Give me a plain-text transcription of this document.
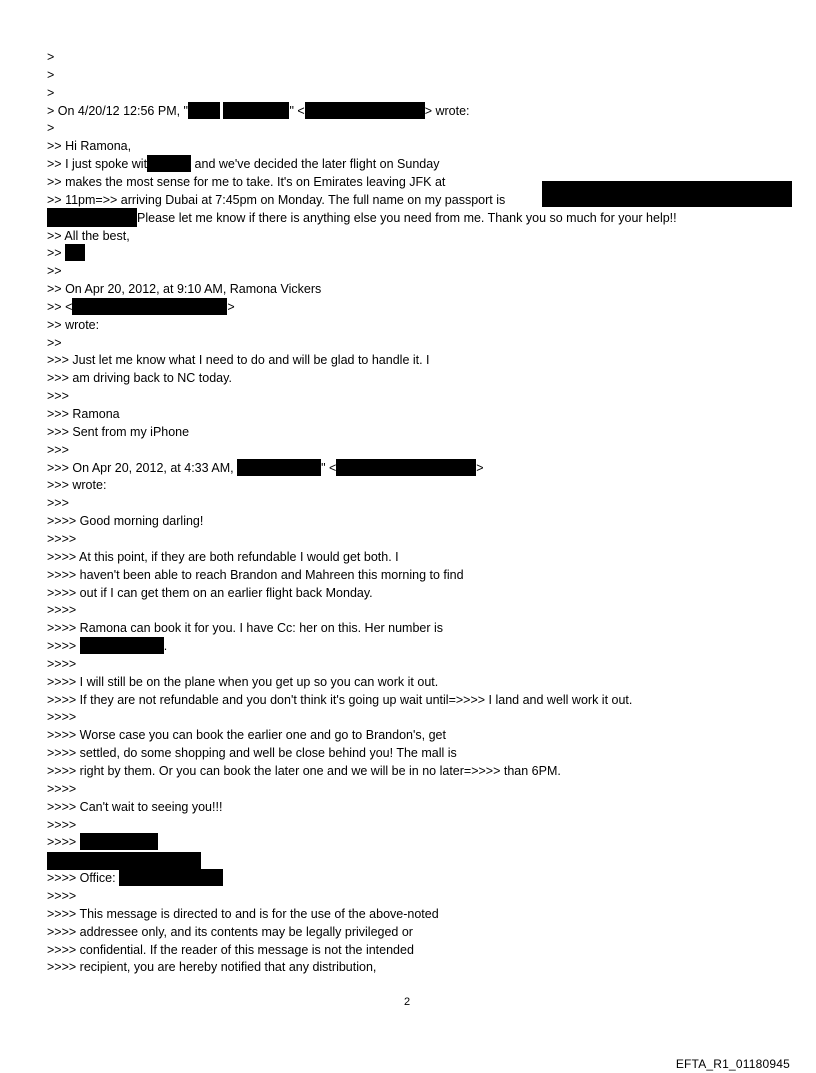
>
>
>
> On 4/20/12 12:56 PM, "	" <	> wrote:
>
>> Hi Ramona,
>> I just spoke wit	and we've decided the later flight on Sunday
>> makes the most sense for me to take. It's on Emirates leaving JFK at
>> 11pm=>> arriving Dubai at 7:45pm on Monday. The full name on my passport is
Please let me know if there is anything else you need from me. Thank you so much for your help!!
>> All the best,
>>
>>
>> On Apr 20, 2012, at 9:10 AM, Ramona Vickers
>> <	>
>> wrote:
>>
>>> Just let me know what I need to do and will be glad to handle it. I
>>> am driving back to NC today.
>>>
>>> Ramona
>>> Sent from my iPhone
>>>
>>> On Apr 20, 2012, at 4:33 AM,	" <	>
>>> wrote:
>>>
>>>> Good morning darling!
>>>>
>>>> At this point, if they are both refundable I would get both. I
>>>> haven't been able to reach Brandon and Mahreen this morning to find
>>>> out if I can get them on an earlier flight back Monday.
>>>>
>>>> Ramona can book it for you. I have Cc: her on this. Her number is
>>>>	.
>>>>
>>>> I will still be on the plane when you get up so you can work it out.
>>>> If they are not refundable and you don't think it's going up wait until=>>>> I land and well work it out.
>>>>
>>>> Worse case you can book the earlier one and go to Brandon's, get
>>>> settled, do some shopping and well be close behind you! The mall is
>>>> right by them. Or you can book the later one and we will be in no later=>>>> than 6PM.
>>>>
>>>> Can't wait to seeing you!!!
>>>>
>>>>
>>>> Office:
>>>>
>>>> This message is directed to and is for the use of the above-noted
>>>> addressee only, and its contents may be legally privileged or
>>>> confidential. If the reader of this message is not the intended
>>>> recipient, you are hereby notified that any distribution,
2
EFTA_R1_01180945
